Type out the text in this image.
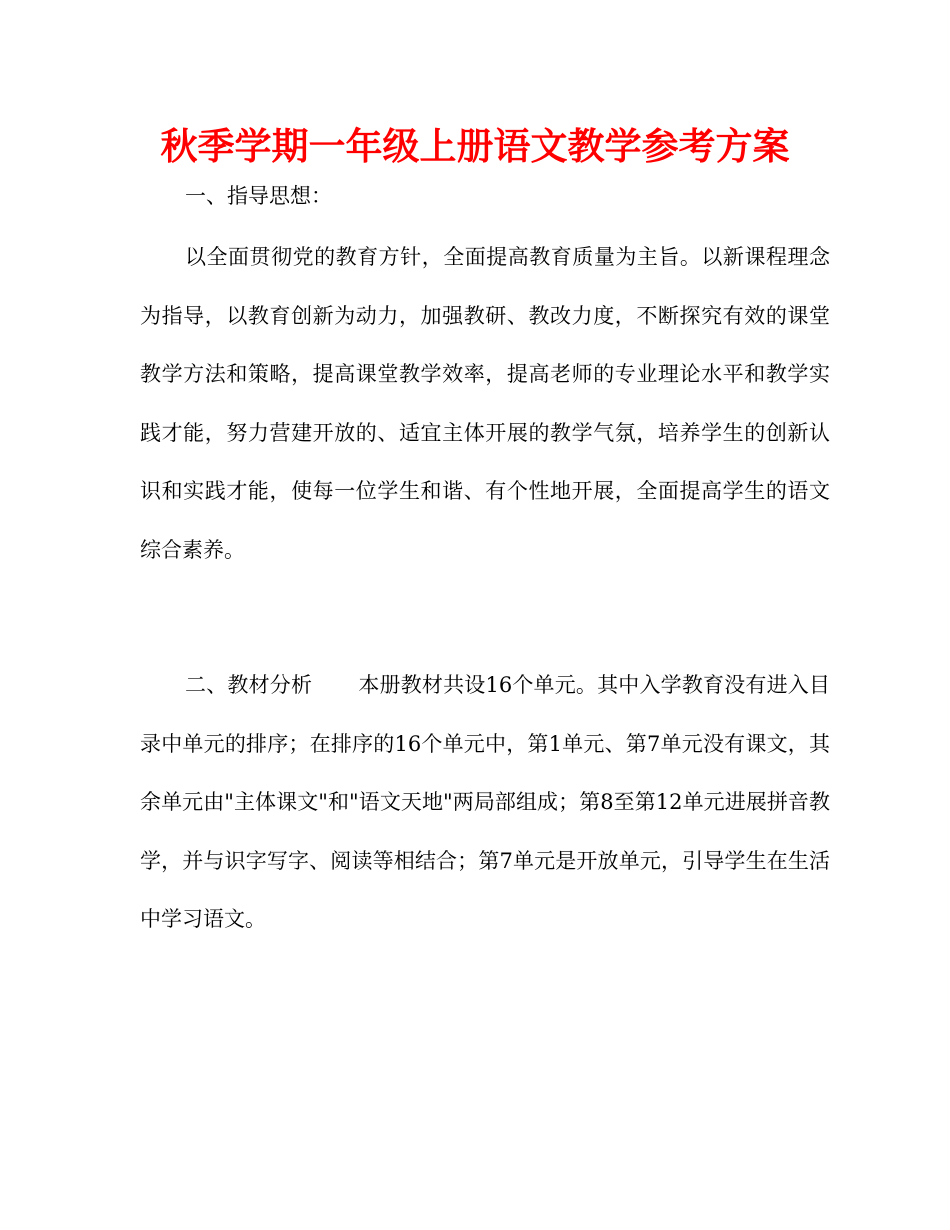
秋季学期一年级上册语文教学参考方案

一、指导思想：

以全面贯彻党的教育方针，全面提高教育质量为主旨。以新课程理念为指导，以教育创新为动力，加强教研、教改力度，不断探究有效的课堂教学方法和策略，提高课堂教学效率，提高老师的专业理论水平和教学实践才能，努力营建开放的、适宜主体开展的教学气氛，培养学生的创新认识和实践才能，使每一位学生和谐、有个性地开展，全面提高学生的语文综合素养。

二、教材分析 本册教材共设16个单元。其中入学教育没有进入目录中单元的排序；在排序的16个单元中，第1单元、第7单元没有课文，其余单元由"主体课文"和"语文天地"两局部组成；第8至第12单元进展拼音教学，并与识字写字、阅读等相结合；第7单元是开放单元，引导学生在生活中学习语文。
